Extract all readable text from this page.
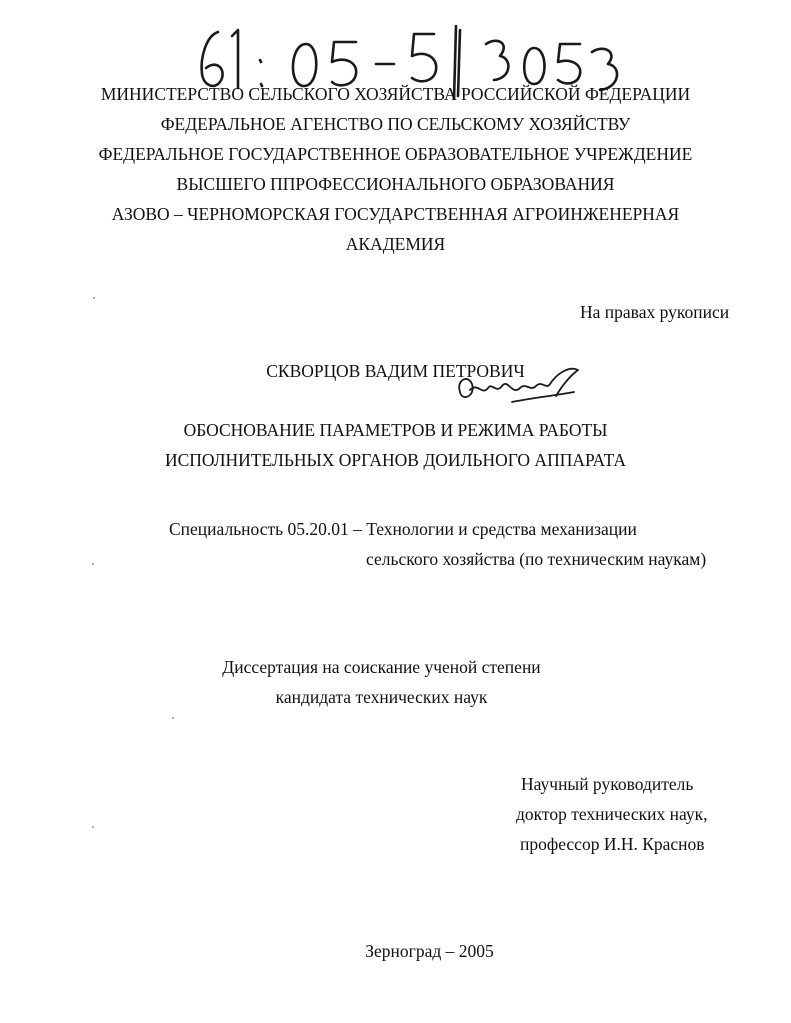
МИНИСТЕРСТВО СЕЛЬСКОГО ХОЗЯЙСТВА РОССИЙСКОЙ ФЕДЕРАЦИИ
ФЕДЕРАЛЬНОЕ АГЕНСТВО ПО СЕЛЬСКОМУ ХОЗЯЙСТВУ
ФЕДЕРАЛЬНОЕ ГОСУДАРСТВЕННОЕ ОБРАЗОВАТЕЛЬНОЕ УЧРЕЖДЕНИЕ
ВЫСШЕГО ППРОФЕССИОНАЛЬНОГО ОБРАЗОВАНИЯ
АЗОВО – ЧЕРНОМОРСКАЯ ГОСУДАРСТВЕННАЯ АГРОИНЖЕНЕРНАЯ
АКАДЕМИЯ
На правах рукописи
СКВОРЦОВ ВАДИМ ПЕТРОВИЧ
ОБОСНОВАНИЕ ПАРАМЕТРОВ И РЕЖИМА РАБОТЫ
ИСПОЛНИТЕЛЬНЫХ ОРГАНОВ ДОИЛЬНОГО АППАРАТА
Специальность 05.20.01 – Технологии и средства механизации
сельского хозяйства (по техническим наукам)
Диссертация на соискание ученой степени
кандидата технических наук
Научный руководитель
доктор технических наук,
профессор И.Н. Краснов
Зерноград – 2005
